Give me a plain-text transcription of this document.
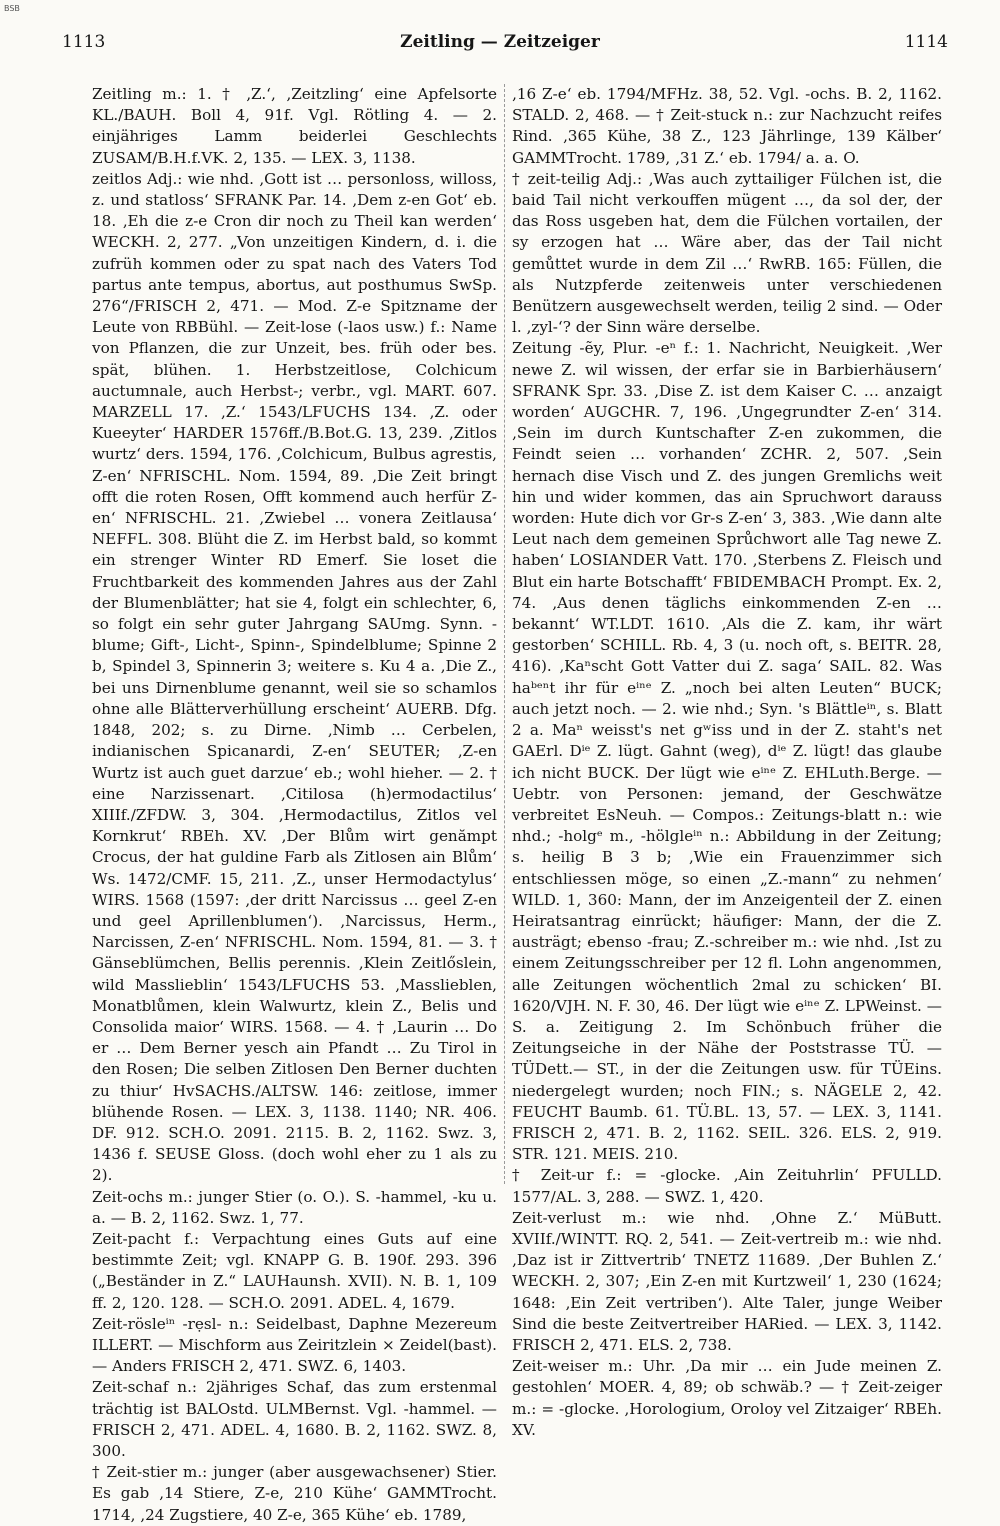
BSB
1113	Zeitling — Zeitzeiger	1114

Zeitling m.: 1. † ‚Z.‘, ‚Zeitzling‘ eine Apfelsorte KL./BAUH. Boll 4, 91f. Vgl. Rötling 4. — 2. einjähriges Lamm beiderlei Geschlechts ZUSAM/B.H.f.VK. 2, 135. — LEX. 3, 1138.

zeitlos Adj.: wie nhd. ‚Gott ist … personloss, willoss, z. und statloss‘ SFRANK Par. 14. ‚Dem z-en Got‘ eb. 18. ‚Eh die z-e Cron dir noch zu Theil kan werden‘ WECKH. 2, 277. „Von unzeitigen Kindern, d. i. die zufrüh kommen oder zu spat nach des Vaters Tod partus ante tempus, abortus, aut posthumus SwSp. 276“/FRISCH 2, 471. — Mod. Z-e Spitzname der Leute von RBBühl. — Zeit-lose (-laos usw.) f.: Name von Pflanzen, die zur Unzeit, bes. früh oder bes. spät, blühen. 1. Herbstzeitlose, Colchicum auctumnale, auch Herbst-; verbr., vgl. MART. 607. MARZELL 17. ‚Z.‘ 1543/LFUCHS 134. ‚Z. oder Kueeyter‘ HARDER 1576ff./B.Bot.G. 13, 239. ‚Zitlos wurtz‘ ders. 1594, 176. ‚Colchicum, Bulbus agrestis, Z-en‘ NFRISCHL. Nom. 1594, 89. ‚Die Zeit bringt offt die roten Rosen, Offt kommend auch herfür Z-en‘ NFRISCHL. 21. ‚Zwiebel … vonera Zeitlausa‘ NEFFL. 308. Blüht die Z. im Herbst bald, so kommt ein strenger Winter RD Emerf. Sie loset die Fruchtbarkeit des kommenden Jahres aus der Zahl der Blumenblätter; hat sie 4, folgt ein schlechter, 6, so folgt ein sehr guter Jahrgang SAUmg. Synn. -blume; Gift-, Licht-, Spinn-, Spindelblume; Spinne 2 b, Spindel 3, Spinnerin 3; weitere s. Ku 4 a. ‚Die Z., bei uns Dirnenblume genannt, weil sie so schamlos ohne alle Blätterverhüllung erscheint‘ AUERB. Dfg. 1848, 202; s. zu Dirne. ‚Nimb … Cerbelen, indianischen Spicanardi, Z-en‘ SEUTER; ‚Z-en Wurtz ist auch guet darzue‘ eb.; wohl hieher. — 2. † eine Narzissenart. ‚Citilosa (h)ermodactilus‘ XIIIf./ZFDW. 3, 304. ‚Hermodactilus, Zitlos vel Kornkrut‘ RBEh. XV. ‚Der Blům wirt genămpt Crocus, der hat guldine Farb als Zitlosen ain Blům‘ Ws. 1472/CMF. 15, 211. ‚Z., unser Hermodactylus‘ WIRS. 1568 (1597: ‚der dritt Narcissus … geel Z-en und geel Aprillenblumen‘). ‚Narcissus, Herm., Narcissen, Z-en‘ NFRISCHL. Nom. 1594, 81. — 3. † Gänseblümchen, Bellis perennis. ‚Klein Zeitlőslein, wild Masslieblin‘ 1543/LFUCHS 53. ‚Masslieblen, Monatblůmen, klein Walwurtz, klein Z., Belis und Consolida maior‘ WIRS. 1568. — 4. † ‚Laurin … Do er … Dem Berner yesch ain Pfandt … Zu Tirol in den Rosen; Die selben Zitlosen Den Berner duchten zu thiur‘ HvSACHS./ALTSW. 146: zeitlose, immer blühende Rosen. — LEX. 3, 1138. 1140; NR. 406. DF. 912. SCH.O. 2091. 2115. B. 2, 1162. Swz. 3, 1436 f. SEUSE Gloss. (doch wohl eher zu 1 als zu 2).

Zeit-ochs m.: junger Stier (o. O.). S. -hammel, -ku u. a. — B. 2, 1162. Swz. 1, 77.

Zeit-pacht f.: Verpachtung eines Guts auf eine bestimmte Zeit; vgl. KNAPP G. B. 190f. 293. 396 („Beständer in Z.“ LAUHaunsh. XVII). N. B. 1, 109 ff. 2, 120. 128. — SCH.O. 2091. ADEL. 4, 1679.

Zeit-rösleⁱⁿ -rẹsl- n.: Seidelbast, Daphne Mezereum ILLERT. — Mischform aus Zeiritzlein × Zeidel(bast). — Anders FRISCH 2, 471. SWZ. 6, 1403.

Zeit-schaf n.: 2jähriges Schaf, das zum erstenmal trächtig ist BALOstd. ULMBernst. Vgl. -hammel. — FRISCH 2, 471. ADEL. 4, 1680. B. 2, 1162. SWZ. 8, 300.

† Zeit-stier m.: junger (aber ausgewachsener) Stier. Es gab ‚14 Stiere, Z-e, 210 Kühe‘ GAMMTrocht. 1714, ‚24 Zugstiere, 40 Z-e, 365 Kühe‘ eb. 1789,

‚16 Z-e‘ eb. 1794/MFHz. 38, 52. Vgl. -ochs. B. 2, 1162. STALD. 2, 468. — † Zeit-stuck n.: zur Nachzucht reifes Rind. ‚365 Kühe, 38 Z., 123 Jährlinge, 139 Kälber‘ GAMMTrocht. 1789, ‚31 Z.‘ eb. 1794/ a. a. O.

† zeit-teilig Adj.: ‚Was auch zyttailiger Fülchen ist, die baid Tail nicht verkouffen mügent …, da sol der, der das Ross usgeben hat, dem die Fülchen vortailen, der sy erzogen hat … Wäre aber, das der Tail nicht gemůttet wurde in dem Zil …‘ RwRB. 165: Füllen, die als Nutzpferde zeitenweis unter verschiedenen Benützern ausgewechselt werden, teilig 2 sind. — Oder l. ‚zyl-‘? der Sinn wäre derselbe.

Zeitung -ẽy, Plur. -eⁿ f.: 1. Nachricht, Neuigkeit. ‚Wer newe Z. wil wissen, der erfar sie in Barbierhäusern‘ SFRANK Spr. 33. ‚Dise Z. ist dem Kaiser C. … anzaigt worden‘ AUGCHR. 7, 196. ‚Ungegrundter Z-en‘ 314. ‚Sein im durch Kuntschafter Z-en zukommen, die Feindt seien … vorhanden‘ ZCHR. 2, 507. ‚Sein hernach dise Visch und Z. des jungen Gremlichs weit hin und wider kommen, das ain Spruchwort darauss worden: Hute dich vor Gr-s Z-en‘ 3, 383. ‚Wie dann alte Leut nach dem gemeinen Sprůchwort alle Tag newe Z. haben‘ LOSIANDER Vatt. 170. ‚Sterbens Z. Fleisch und Blut ein harte Botschafft‘ FBIDEMBACH Prompt. Ex. 2, 74. ‚Aus denen täglichs einkommenden Z-en … bekannt‘ WT.LDT. 1610. ‚Als die Z. kam, ihr wärt gestorben‘ SCHILL. Rb. 4, 3 (u. noch oft, s. BEITR. 28, 416). ‚Kaⁿscht Gott Vatter dui Z. saga‘ SAIL. 82. Was haᵇᵉⁿt ihr für eⁱⁿᵉ Z. „noch bei alten Leuten“ BUCK; auch jetzt noch. — 2. wie nhd.; Syn. 's Blättleⁱⁿ, s. Blatt 2 a. Maⁿ weisst's net gʷiss und in der Z. staht's net GAErl. Dⁱᵉ Z. lügt. Gahnt (weg), dⁱᵉ Z. lügt! das glaube ich nicht BUCK. Der lügt wie eⁱⁿᵉ Z. EHLuth.Berge. — Uebtr. von Personen: jemand, der Geschwätze verbreitet EsNeuh. — Compos.: Zeitungs-blatt n.: wie nhd.; -holgᵉ m., -hölgleⁱⁿ n.: Abbildung in der Zeitung; s. heilig B 3 b; ‚Wie ein Frauenzimmer sich entschliessen möge, so einen „Z.-mann“ zu nehmen‘ WILD. 1, 360: Mann, der im Anzeigenteil der Z. einen Heiratsantrag einrückt; häufiger: Mann, der die Z. austrägt; ebenso -frau; Z.-schreiber m.: wie nhd. ‚Ist zu einem Zeitungsschreiber per 12 fl. Lohn angenommen, alle Zeitungen wöchentlich 2mal zu schicken‘ BI. 1620/VJH. N. F. 30, 46. Der lügt wie eⁱⁿᵉ Z. LPWeinst. — S. a. Zeitigung 2. Im Schönbuch früher die Zeitungseiche in der Nähe der Poststrasse TÜ. —TÜDett.— ST., in der die Zeitungen usw. für TÜEins. niedergelegt wurden; noch FIN.; s. NÄGELE 2, 42. FEUCHT Baumb. 61. TÜ.BL. 13, 57. — LEX. 3, 1141. FRISCH 2, 471. B. 2, 1162. SEIL. 326. ELS. 2, 919. STR. 121. MEIS. 210.

† Zeit-ur f.: = -glocke. ‚Ain Zeituhrlin‘ PFULLD. 1577/AL. 3, 288. — SWZ. 1, 420.

Zeit-verlust m.: wie nhd. ‚Ohne Z.‘ MüButt. XVIIf./WINTT. RQ. 2, 541. — Zeit-vertreib m.: wie nhd. ‚Daz ist ir Zittvertrib‘ TNETZ 11689. ‚Der Buhlen Z.‘ WECKH. 2, 307; ‚Ein Z-en mit Kurtzweil‘ 1, 230 (1624; 1648: ‚Ein Zeit vertriben‘). Alte Taler, junge Weiber Sind die beste Zeitvertreiber HARied. — LEX. 3, 1142. FRISCH 2, 471. ELS. 2, 738.

Zeit-weiser m.: Uhr. ‚Da mir … ein Jude meinen Z. gestohlen‘ MOER. 4, 89; ob schwäb.? — † Zeit-zeiger m.: = -glocke. ‚Horologium, Oroloy vel Zitzaiger‘ RBEh. XV.
